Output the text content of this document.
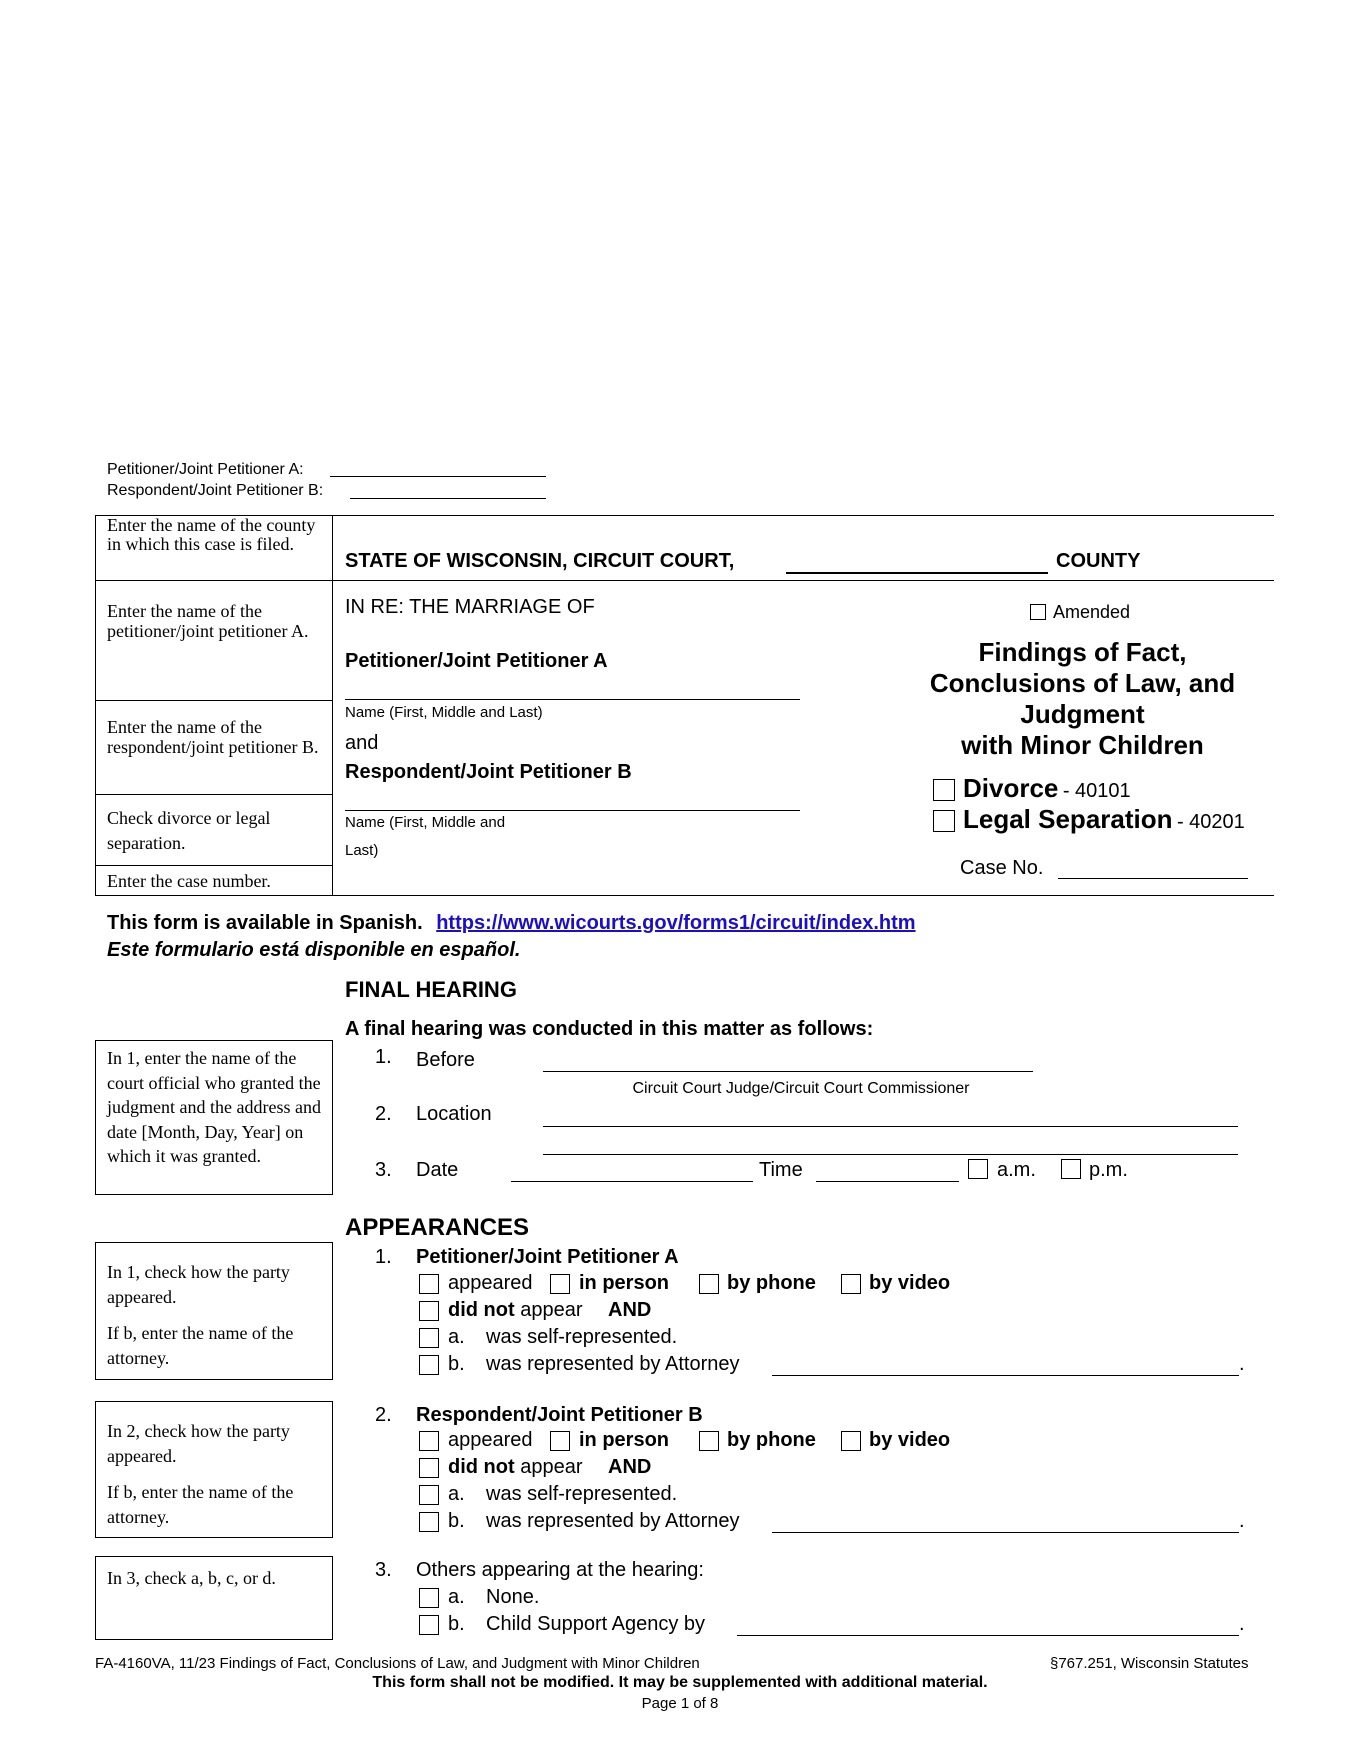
Petitioner/Joint Petitioner A:
Respondent/Joint Petitioner B:
Enter the name of the county in which this case is filed.
Enter the name of the petitioner/joint petitioner A.
Enter the name of the respondent/joint petitioner B.
Check divorce or legal separation.
Enter the case number.
STATE OF WISCONSIN, CIRCUIT COURT,	COUNTY
IN RE: THE MARRIAGE OF
Petitioner/Joint Petitioner A
Name (First, Middle and Last)
and
Respondent/Joint Petitioner B
Name (First, Middle and
Last)
Amended
Findings of Fact,
Conclusions of Law, and
Judgment
with Minor Children
Divorce - 40101
Legal Separation - 40201
Case No.
This form is available in Spanish. https://www.wicourts.gov/forms1/circuit/index.htm
Este formulario está disponible en español.
FINAL HEARING
A final hearing was conducted in this matter as follows:

In 1, enter the name of the court official who granted the judgment and the address and date [Month, Day, Year] on which it was granted.

1. Before
Circuit Court Judge/Circuit Court Commissioner
2. Location
3. Date	Time	a.m.	p.m.
APPEARANCES

In 1, check how the party appeared.

If b, enter the name of the attorney.

1. Petitioner/Joint Petitioner A
appeared in person	by phone	by video
did not appear AND
a. was self-represented.
b. was represented by Attorney	.

In 2, check how the party appeared.

If b, enter the name of the attorney.

2. Respondent/Joint Petitioner B
appeared in person	by phone	by video
did not appear AND
a. was self-represented.
b. was represented by Attorney	.

In 3, check a, b, c, or d.	3. Others appearing at the hearing:
a. None.
b. Child Support Agency by	.
FA-4160VA, 11/23 Findings of Fact, Conclusions of Law, and Judgment with Minor Children	§767.251, Wisconsin Statutes
This form shall not be modified. It may be supplemented with additional material.
Page 1 of 8
